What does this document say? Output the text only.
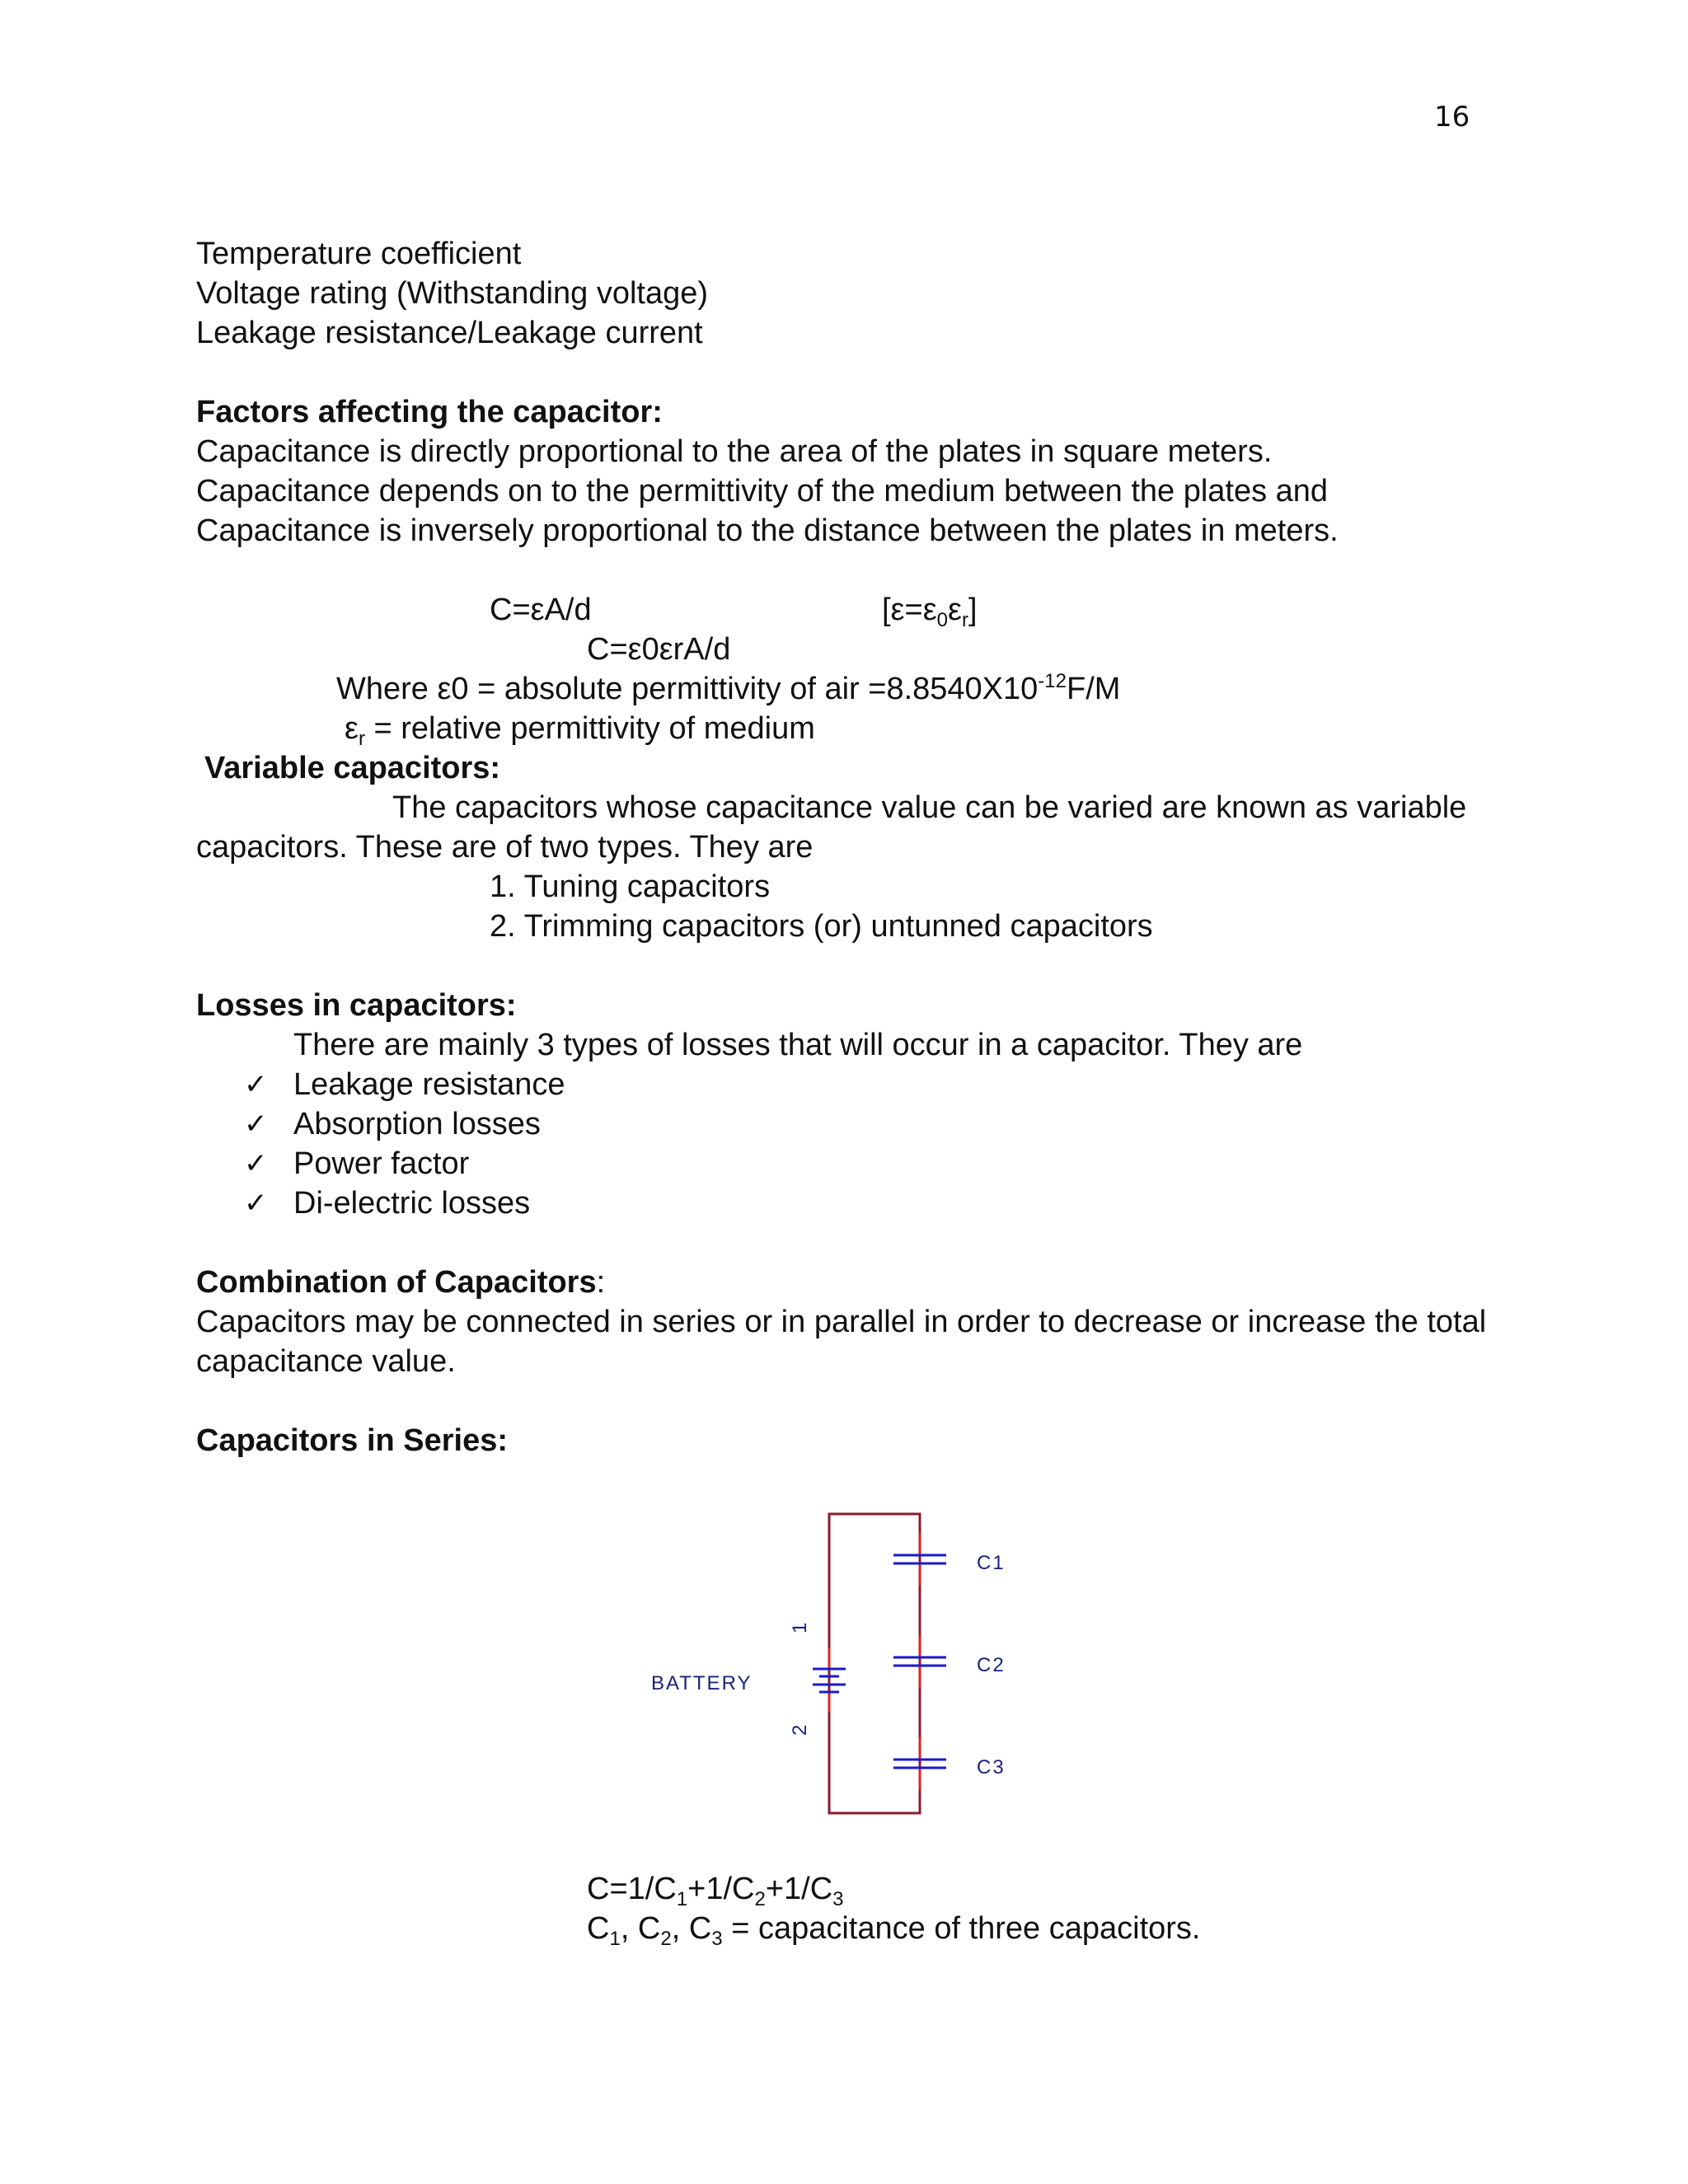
16
Temperature coefficient
Voltage rating (Withstanding voltage)
Leakage resistance/Leakage current
Factors affecting the capacitor:
Capacitance is directly proportional to the area of the plates in square meters.
Capacitance depends on to the permittivity of the medium between the plates and
Capacitance is inversely proportional to the distance between the plates in meters.
C=εA/d	$[\varepsilon=\varepsilon_0\varepsilon_r]$
C=ε0εrA/d
Where ε0 = absolute permittivity of air $=8.8540X10^{-12}F/M$
$\varepsilon_r$ = relative permittivity of medium
Variable capacitors:
The capacitors whose capacitance value can be varied are known as variable
capacitors. These are of two types. They are
1. Tuning capacitors
2. Trimming capacitors (or) untunned capacitors
Losses in capacitors:
There are mainly 3 types of losses that will occur in a capacitor. They are
✓ Leakage resistance
✓ Absorption losses
✓ Power factor
✓ Di-electric losses
Combination of Capacitors:
Capacitors may be connected in series or in parallel in order to decrease or increase the total
capacitance value.
Capacitors in Series:
C1
C2
C3
BATTERY
1
2
$C=1/C_1+1/C_2+1/C_3$
$C_1$, $C_2$, $C_3$ = capacitance of three capacitors.
